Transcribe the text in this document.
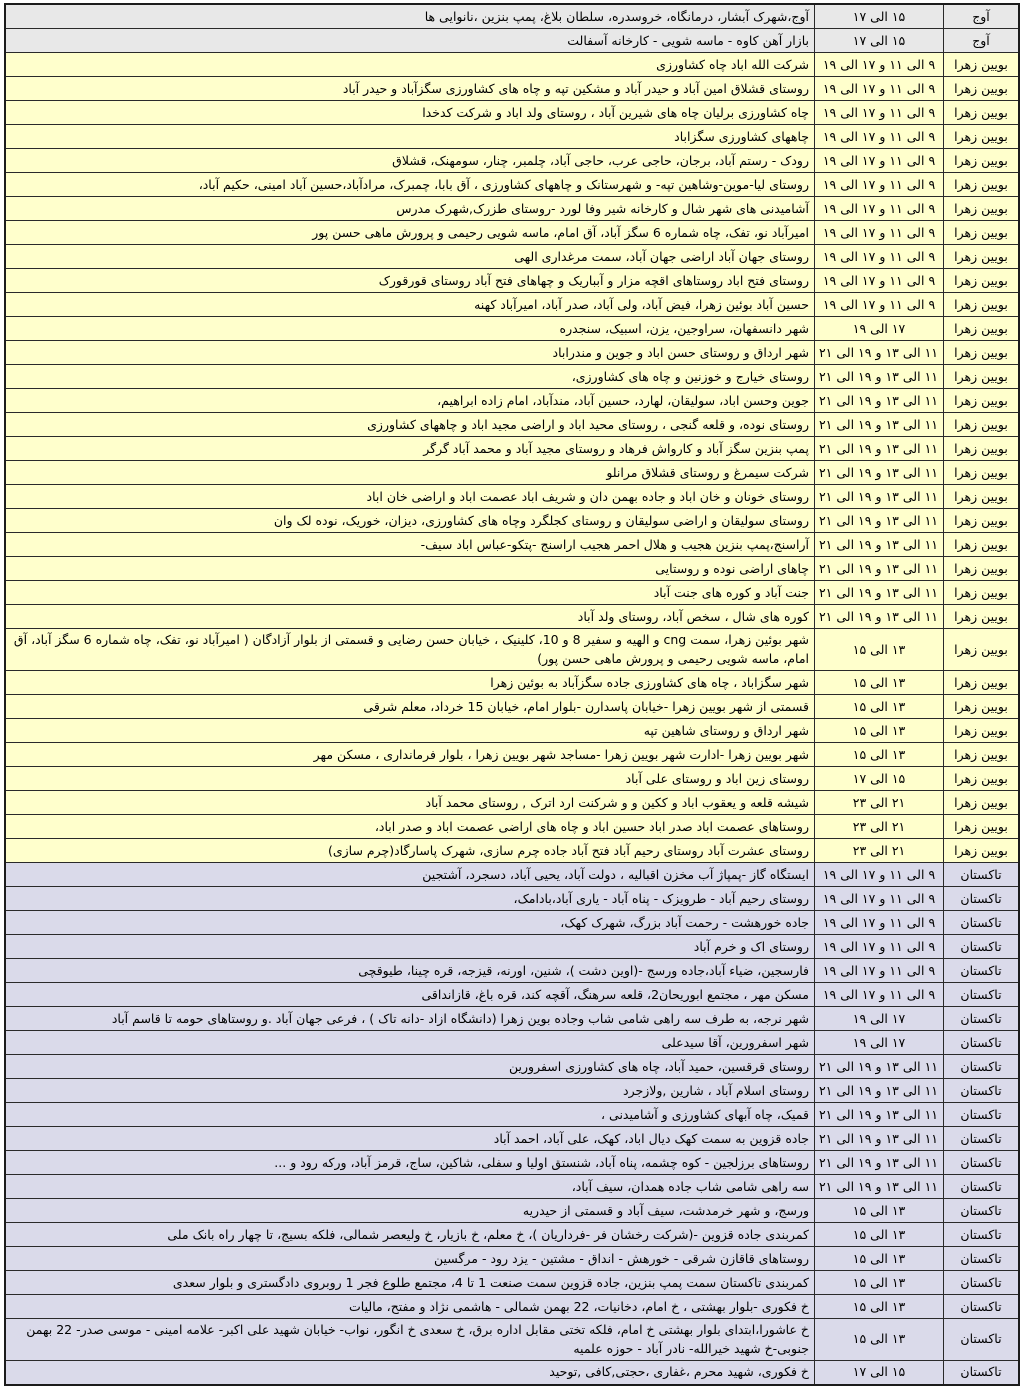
آوج	۱۵ الی ۱۷	آوج،شهرک آبشار، درمانگاه، خروسدره، سلطان بلاغ، پمپ بنزین ،نانوایی ها
آوج	۱۵ الی ۱۷	بازار آهن کاوه - ماسه شویی - کارخانه آسفالت
بویین زهرا	۹ الی ۱۱ و ۱۷ الی ۱۹	شرکت الله اباد چاه کشاورزی
بویین زهرا	۹ الی ۱۱ و ۱۷ الی ۱۹	روستای قشلاق امین آباد و حیدر آباد و مشکین تپه و چاه های کشاورزی سگزآباد و حیدر آباد
بویین زهرا	۹ الی ۱۱ و ۱۷ الی ۱۹	چاه کشاورزی برلیان چاه های شیرین آباد ، روستای ولد اباد و شرکت کدخدا
بویین زهرا	۹ الی ۱۱ و ۱۷ الی ۱۹	چاههای کشاورزی سگزاباد
بویین زهرا	۹ الی ۱۱ و ۱۷ الی ۱۹	رودک - رستم آباد، برجان، حاجی عرب، حاجی آباد، چلمبر، چنار، سومهنک، قشلاق
بویین زهرا	۹ الی ۱۱ و ۱۷ الی ۱۹	روستای لیا-موین-وشاهین تپه- و شهرستانک و چاههای کشاورزی ، آق بابا، چمبرک، مرادآباد،حسین آباد امینی، حکیم آباد،
بویین زهرا	۹ الی ۱۱ و ۱۷ الی ۱۹	آشامیدنی های شهر شال و کارخانه شیر وفا لورد -روستای طزرک,شهرک مدرس
بویین زهرا	۹ الی ۱۱ و ۱۷ الی ۱۹	امیرآباد نو، تفک، چاه شماره 6 سگز آباد، آق امام، ماسه شویی رحیمی و پرورش ماهی حسن پور
بویین زهرا	۹ الی ۱۱ و ۱۷ الی ۱۹	روستای جهان آباد اراضی جهان آباد، سمت مرغداری الهی
بویین زهرا	۹ الی ۱۱ و ۱۷ الی ۱۹	روستای فتح اباد روستاهای اقچه مزار و آبباریک و چهاهای فتح آباد روستای قورقورک
بویین زهرا	۹ الی ۱۱ و ۱۷ الی ۱۹	حسین آباد بوئین زهرا، فیض آباد، ولی آباد، صدر آباد، امیرآباد کهنه
بویین زهرا	۱۷ الی ۱۹	شهر دانسفهان، سراوجین، یزن، اسبیک، سنجدره
بویین زهرا	۱۱ الی ۱۳ و ۱۹ الی ۲۱	شهر ارداق و روستای حسن اباد و جوین و مندراباد
بویین زهرا	۱۱ الی ۱۳ و ۱۹ الی ۲۱	روستای خیارج و خوزنین و چاه های کشاورزی،
بویین زهرا	۱۱ الی ۱۳ و ۱۹ الی ۲۱	جوین وحسن اباد، سولیقان، لهارد، حسین آباد، مندآباد، امام زاده ابراهیم،
بویین زهرا	۱۱ الی ۱۳ و ۱۹ الی ۲۱	روستای نوده، و قلعه گنجی ، روستای محید اباد و اراضی مجید اباد و چاههای کشاورزی
بویین زهرا	۱۱ الی ۱۳ و ۱۹ الی ۲۱	پمپ بنزین سگز آباد و کارواش فرهاد و روستای مجید آباد و محمد آباد گرگر
بویین زهرا	۱۱ الی ۱۳ و ۱۹ الی ۲۱	شرکت سیمرغ و روستای قشلاق مرانلو
بویین زهرا	۱۱ الی ۱۳ و ۱۹ الی ۲۱	روستای خونان و خان اباد و جاده بهمن دان و شریف اباد عصمت اباد و اراضی خان اباد
بویین زهرا	۱۱ الی ۱۳ و ۱۹ الی ۲۱	روستای سولیقان و اراضی سولیقان و روستای کجلگرد وچاه های کشاورزی، دیزان، خوریک، نوده لک وان
بویین زهرا	۱۱ الی ۱۳ و ۱۹ الی ۲۱	آراسنج،پمپ بنزین هجیب و هلال احمر هجیب اراسنج -پتکو-عباس اباد سیف-
بویین زهرا	۱۱ الی ۱۳ و ۱۹ الی ۲۱	چاهای اراضی نوده و روستایی
بویین زهرا	۱۱ الی ۱۳ و ۱۹ الی ۲۱	جنت آباد و کوره های جنت آباد
بویین زهرا	۱۱ الی ۱۳ و ۱۹ الی ۲۱	کوره های شال ، سخص آباد، روستای ولد آباد
بویین زهرا	۱۳ الی ۱۵	شهر بوئین زهرا، سمت cng و الهیه و سفیر 8 و 10، کلینیک ، خیابان حسن رضایی و قسمتی از بلوار آزادگان ( امیرآباد نو، تفک، چاه شماره 6 سگز آباد، آق امام، ماسه شویی رحیمی و پرورش ماهی حسن پور)
بویین زهرا	۱۳ الی ۱۵	شهر سگزاباد ، چاه های کشاورزی جاده سگزآباد به بوئین زهرا
بویین زهرا	۱۳ الی ۱۵	قسمتی از شهر بویین زهرا -خیابان پاسدارن -بلوار امام، خیابان 15 خرداد، معلم شرقی
بویین زهرا	۱۳ الی ۱۵	شهر ارداق و روستای شاهین تپه
بویین زهرا	۱۳ الی ۱۵	شهر بویین زهرا -ادارت شهر بویین زهرا -مساجد شهر بویین زهرا ، بلوار فرمانداری ، مسکن مهر
بویین زهرا	۱۵ الی ۱۷	روستای زین اباد و روستای علی آباد
بویین زهرا	۲۱ الی ۲۳	شیشه قلعه و یعقوب اباد و ککین و و شرکنت ارد اترک , روستای محمد آباد
بویین زهرا	۲۱ الی ۲۳	روستاهای عصمت اباد صدر اباد حسین اباد و چاه های اراضی عصمت اباد و صدر اباد،
بویین زهرا	۲۱ الی ۲۳	روستای عشرت آباد روستای رحیم آباد فتح آباد جاده چرم سازی، شهرک پاسارگاد(چرم سازی)
تاکستان	۹ الی ۱۱ و ۱۷ الی ۱۹	ایستگاه گاز -پمپاژ آب مخزن اقبالیه ، دولت آباد، یحیی آباد، دسجرد، آشتجین
تاکستان	۹ الی ۱۱ و ۱۷ الی ۱۹	روستای رحیم آباد - طرویزک - پناه آباد - یاری آباد،بادامک،
تاکستان	۹ الی ۱۱ و ۱۷ الی ۱۹	جاده خورهشت - رحمت آباد بزرگ، شهرک کهک،
تاکستان	۹ الی ۱۱ و ۱۷ الی ۱۹	روستای اک و خرم آباد
تاکستان	۹ الی ۱۱ و ۱۷ الی ۱۹	فارسجین، ضیاء آباد،جاده ورسج -(اوین دشت )، شنین، اورنه، قیزجه، قره چینا، طیوقچی
تاکستان	۹ الی ۱۱ و ۱۷ الی ۱۹	مسکن مهر ، مجتمع ابوریحان2، قلعه سرهنگ، آقچه کند، قره باغ، قازانداقی
تاکستان	۱۷ الی ۱۹	شهر نرجه، به طرف سه راهی شامی شاب وجاده بوین زهرا (دانشگاه ازاد -دانه تاک ) ، فرعی جهان آباد .و روستاهای حومه تا قاسم آباد
تاکستان	۱۷ الی ۱۹	شهر اسفرورین، آقا سیدعلی
تاکستان	۱۱ الی ۱۳ و ۱۹ الی ۲۱	روستای قرقسین، حمید آباد، چاه های کشاورزی اسفرورین
تاکستان	۱۱ الی ۱۳ و ۱۹ الی ۲۱	روستای اسلام آباد ، شارین ,ولازجرد
تاکستان	۱۱ الی ۱۳ و ۱۹ الی ۲۱	قمیک، چاه آبهای کشاورزی و آشامیدنی ،
تاکستان	۱۱ الی ۱۳ و ۱۹ الی ۲۱	جاده قزوین به سمت کهک دیال اباد، کهک، علی آباد، احمد آباد
تاکستان	۱۱ الی ۱۳ و ۱۹ الی ۲۱	روستاهای برزلجین - کوه چشمه، پناه آباد، شنستق اولیا و سفلی، شاکین، ساج، قرمز آباد، ورکه رود و ...
تاکستان	۱۱ الی ۱۳ و ۱۹ الی ۲۱	سه راهی شامی شاب جاده همدان، سیف آباد،
تاکستان	۱۳ الی ۱۵	ورسج، و شهر خرمدشت، سیف آباد و قسمتی از حیدریه
تاکستان	۱۳ الی ۱۵	کمربندی جاده قزوین -(شرکت رخشان فر -فرداریان )، خ معلم، خ بازیار، خ ولیعصر شمالی، فلکه بسیج، تا چهار راه بانک ملی
تاکستان	۱۳ الی ۱۵	روستاهای قاقازن شرقی - خورهش - انداق - مشتین - یزد رود - مرگسین
تاکستان	۱۳ الی ۱۵	کمربندی تاکستان سمت پمپ بنزین، جاده قزوین سمت صنعت 1 تا 4، مجتمع طلوع فجر 1 روبروی دادگستری و بلوار سعدی
تاکستان	۱۳ الی ۱۵	خ فکوری -بلوار بهشتی ، خ امام، دخانیات، 22 بهمن شمالی - هاشمی نژاد و مفتح، مالیات
تاکستان	۱۳ الی ۱۵	خ عاشورا،ابتدای بلوار بهشتی خ امام، فلکه تختی مقابل اداره برق، خ سعدی خ انگور، نواب- خیابان شهید علی اکبر- علامه امینی - موسی صدر- 22 بهمن جنوبی-خ شهید خیرالله- نادر آباد - حوزه علمیه
تاکستان	۱۵ الی ۱۷	خ فکوری، شهید محرم ،غفاری ،حجتی,کافی ,توحید
